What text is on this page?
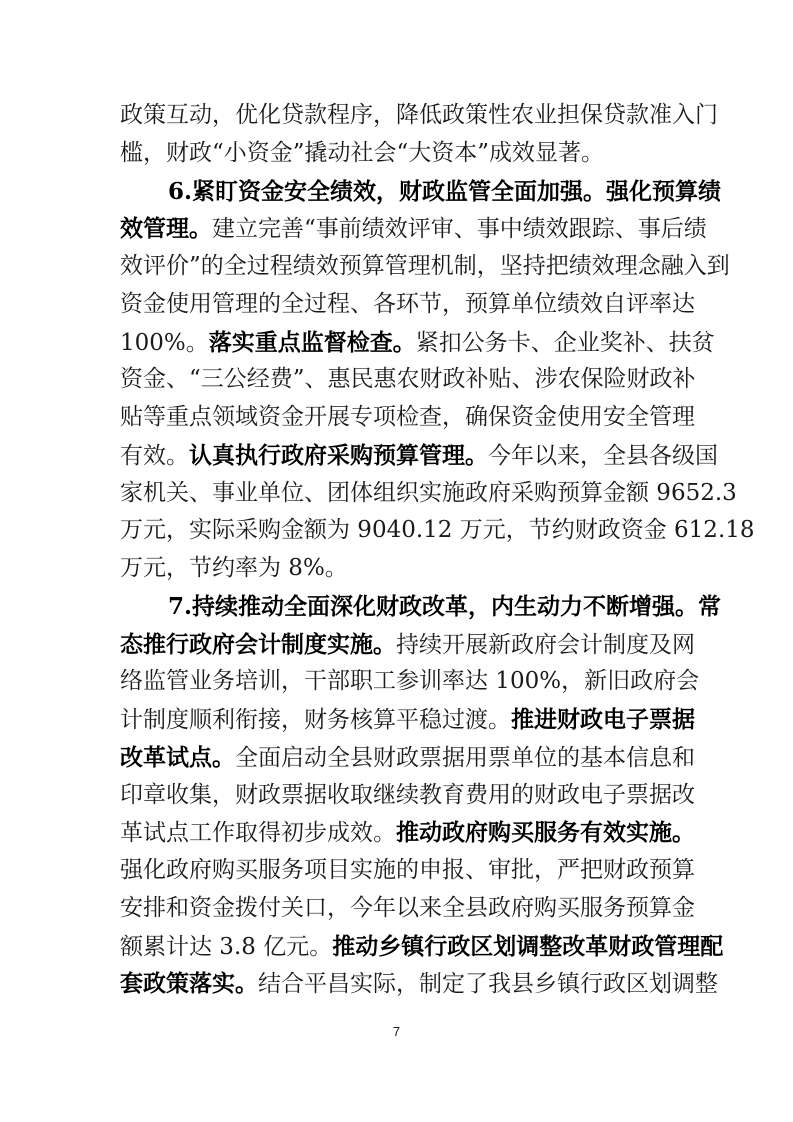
政策互动，优化贷款程序，降低政策性农业担保贷款准入门
槛，财政“小资金”撬动社会“大资本”成效显著。
6.紧盯资金安全绩效，财政监管全面加强。强化预算绩
效管理。建立完善“事前绩效评审、事中绩效跟踪、事后绩
效评价”的全过程绩效预算管理机制，坚持把绩效理念融入到
资金使用管理的全过程、各环节，预算单位绩效自评率达
100%。落实重点监督检查。紧扣公务卡、企业奖补、扶贫
资金、“三公经费”、惠民惠农财政补贴、涉农保险财政补
贴等重点领域资金开展专项检查，确保资金使用安全管理
有效。认真执行政府采购预算管理。今年以来，全县各级国
家机关、事业单位、团体组织实施政府采购预算金额 9652.3
万元，实际采购金额为 9040.12 万元，节约财政资金 612.18
万元，节约率为 8%。
7.持续推动全面深化财政改革，内生动力不断增强。常
态推行政府会计制度实施。持续开展新政府会计制度及网
络监管业务培训，干部职工参训率达 100%，新旧政府会
计制度顺利衔接，财务核算平稳过渡。推进财政电子票据
改革试点。全面启动全县财政票据用票单位的基本信息和
印章收集，财政票据收取继续教育费用的财政电子票据改
革试点工作取得初步成效。推动政府购买服务有效实施。
强化政府购买服务项目实施的申报、审批，严把财政预算
安排和资金拨付关口，今年以来全县政府购买服务预算金
额累计达 3.8 亿元。推动乡镇行政区划调整改革财政管理配
套政策落实。结合平昌实际，制定了我县乡镇行政区划调整
7
